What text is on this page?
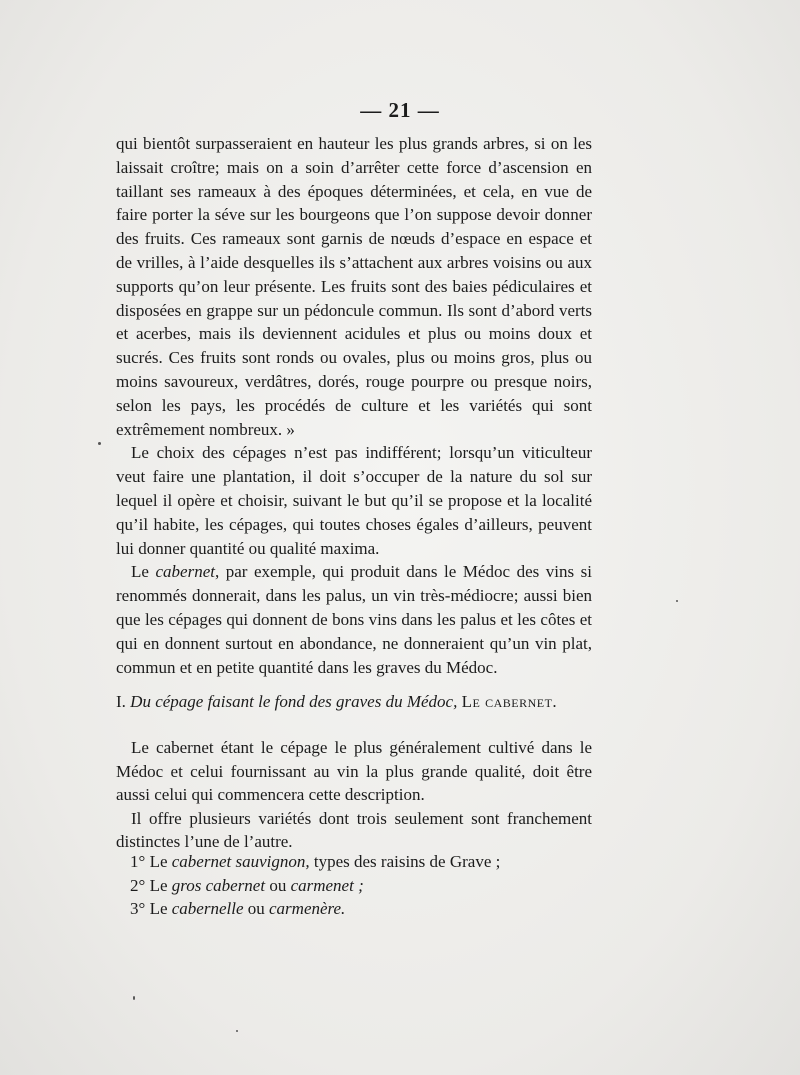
— 21 —

qui bientôt surpasseraient en hauteur les plus grands arbres, si on les laissait croître; mais on a soin d’arrêter cette force d’ascension en taillant ses rameaux à des époques déterminées, et cela, en vue de faire porter la séve sur les bourgeons que l’on suppose devoir donner des fruits. Ces rameaux sont garnis de nœuds d’espace en espace et de vrilles, à l’aide desquelles ils s’attachent aux arbres voisins ou aux supports qu’on leur présente. Les fruits sont des baies pédiculaires et disposées en grappe sur un pédoncule commun. Ils sont d’abord verts et acerbes, mais ils deviennent acidules et plus ou moins doux et sucrés. Ces fruits sont ronds ou ovales, plus ou moins gros, plus ou moins savoureux, verdâtres, dorés, rouge pourpre ou presque noirs, selon les pays, les procédés de culture et les variétés qui sont extrêmement nombreux. »

Le choix des cépages n’est pas indifférent; lorsqu’un viticulteur veut faire une plantation, il doit s’occuper de la nature du sol sur lequel il opère et choisir, suivant le but qu’il se propose et la localité qu’il habite, les cépages, qui toutes choses égales d’ailleurs, peuvent lui donner quantité ou qualité maxima.

Le cabernet, par exemple, qui produit dans le Médoc des vins si renommés donnerait, dans les palus, un vin très-médiocre; aussi bien que les cépages qui donnent de bons vins dans les palus et les côtes et qui en donnent surtout en abondance, ne donneraient qu’un vin plat, commun et en petite quantité dans les graves du Médoc.

I. Du cépage faisant le fond des graves du Médoc, Le cabernet.

Le cabernet étant le cépage le plus généralement cultivé dans le Médoc et celui fournissant au vin la plus grande qualité, doit être aussi celui qui commencera cette description.

Il offre plusieurs variétés dont trois seulement sont franchement distinctes l’une de l’autre.

1° Le cabernet sauvignon, types des raisins de Grave ;
2° Le gros cabernet ou carmenet ;
3° Le cabernelle ou carmenère.
